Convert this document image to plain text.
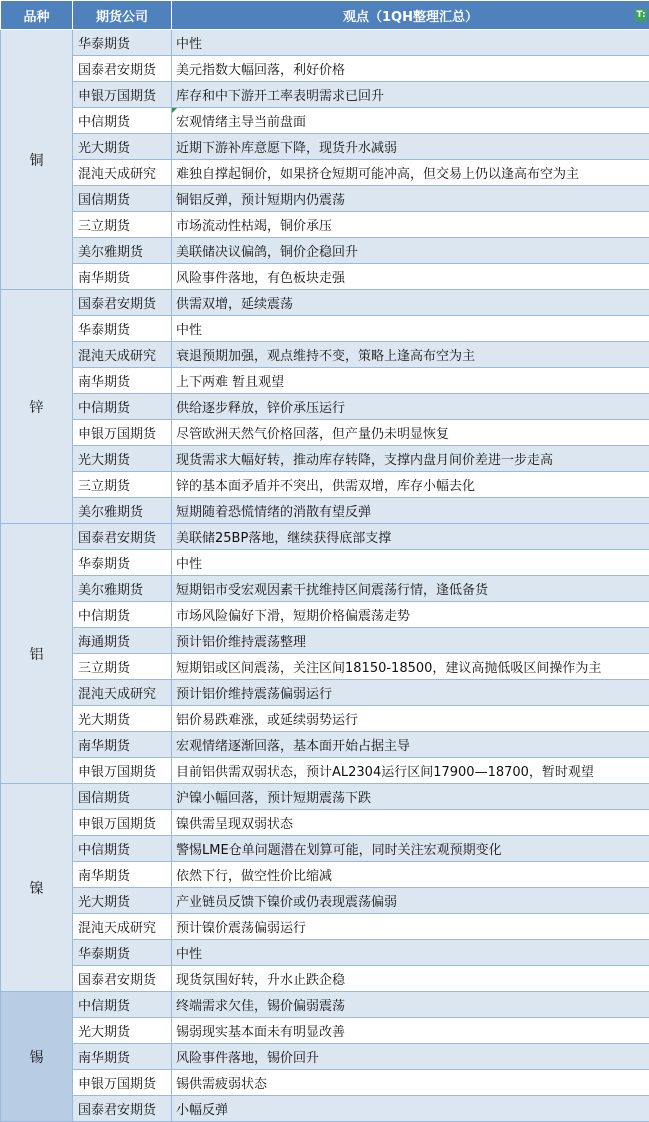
品种	期货公司	观点（1QH整理汇总） T:

铜	华泰期货	中性
	国泰君安期货	美元指数大幅回落，利好价格
	申银万国期货	库存和中下游开工率表明需求已回升
	中信期货	宏观情绪主导当前盘面

	光大期货	近期下游补库意愿下降，现货升水减弱
	混沌天成研究	难独自撑起铜价，如果挤仓短期可能冲高，但交易上仍以逢高布空为主
	国信期货	铜铝反弹，预计短期内仍震荡
	三立期货	市场流动性枯竭，铜价承压
	美尔雅期货	美联储决议偏鸽，铜价企稳回升
	南华期货	风险事件落地，有色板块走强
锌	国泰君安期货	供需双增，延续震荡
	华泰期货	中性
	混沌天成研究	衰退预期加强，观点维持不变，策略上逢高布空为主
	南华期货	上下两难 暂且观望
	中信期货	供给逐步释放，锌价承压运行
	申银万国期货	尽管欧洲天然气价格回落，但产量仍未明显恢复
	光大期货	现货需求大幅好转，推动库存转降，支撑内盘月间价差进一步走高
	三立期货	锌的基本面矛盾并不突出，供需双增，库存小幅去化
	美尔雅期货	短期随着恐慌情绪的消散有望反弹
铝	国泰君安期货	美联储25BP落地，继续获得底部支撑
	华泰期货	中性
	美尔雅期货	短期铝市受宏观因素干扰维持区间震荡行情，逢低备货
	中信期货	市场风险偏好下滑，短期价格偏震荡走势
	海通期货	预计铝价维持震荡整理
	三立期货	短期铝或区间震荡，关注区间18150-18500，建议高抛低吸区间操作为主
	混沌天成研究	预计铝价维持震荡偏弱运行
	光大期货	铝价易跌难涨，或延续弱势运行
	南华期货	宏观情绪逐渐回落，基本面开始占据主导
	申银万国期货	目前铝供需双弱状态，预计AL2304运行区间17900—18700，暂时观望
镍	国信期货	沪镍小幅回落，预计短期震荡下跌
	申银万国期货	镍供需呈现双弱状态
	中信期货	警惕LME仓单问题潜在划算可能，同时关注宏观预期变化
	南华期货	依然下行，做空性价比缩减
	光大期货	产业链员反馈下镍价或仍表现震荡偏弱
	混沌天成研究	预计镍价震荡偏弱运行
	华泰期货	中性
	国泰君安期货	现货氛围好转，升水止跌企稳
锡	中信期货	终端需求欠佳，锡价偏弱震荡
	光大期货	锡弱现实基本面未有明显改善
	南华期货	风险事件落地，锡价回升
	申银万国期货	锡供需疲弱状态
	国泰君安期货	小幅反弹
